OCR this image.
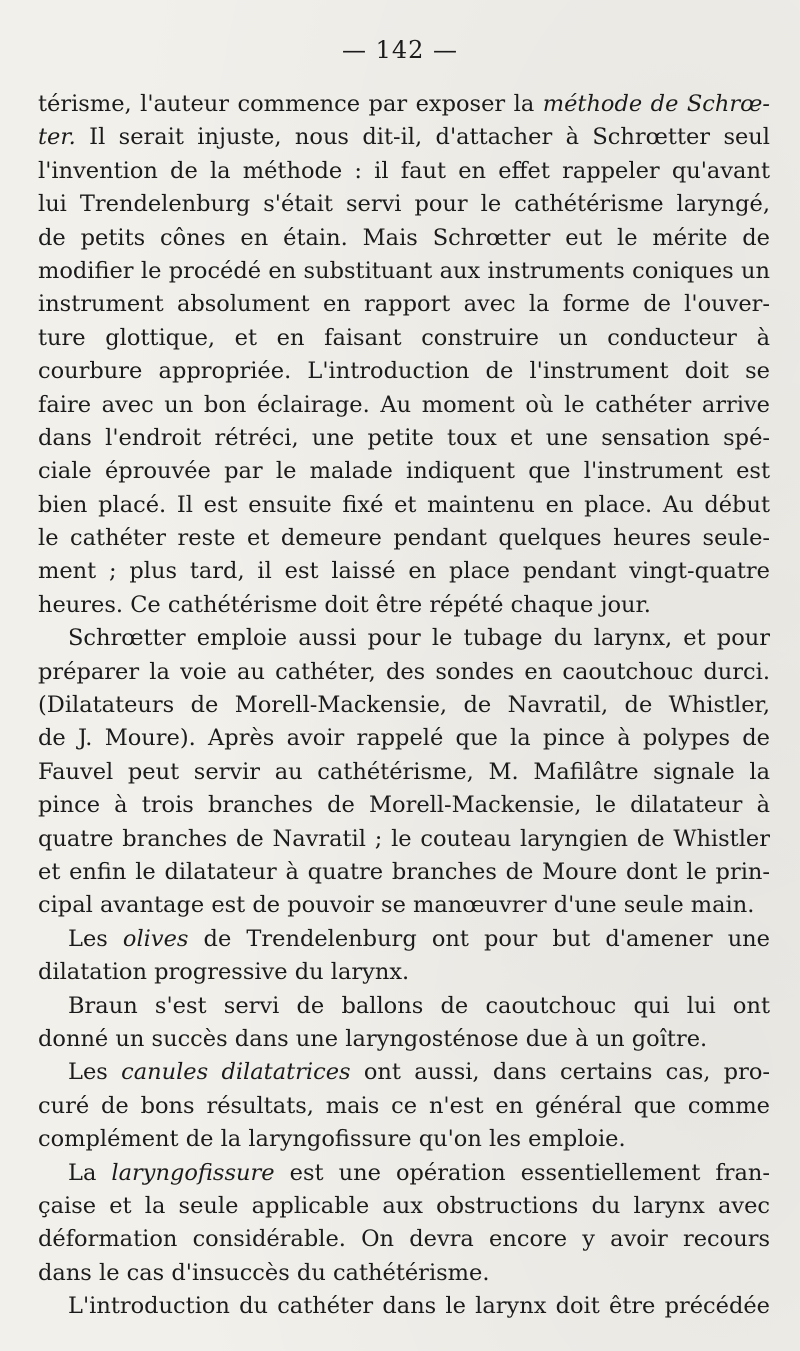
— 142 —
térisme, l'auteur commence par exposer la méthode de Schrœ-
ter. Il serait injuste, nous dit-il, d'attacher à Schrœtter seul
l'invention de la méthode : il faut en effet rappeler qu'avant
lui Trendelenburg s'était servi pour le cathétérisme laryngé,
de petits cônes en étain. Mais Schrœtter eut le mérite de
modifier le procédé en substituant aux instruments coniques un
instrument absolument en rapport avec la forme de l'ouver-
ture glottique, et en faisant construire un conducteur à
courbure appropriée. L'introduction de l'instrument doit se
faire avec un bon éclairage. Au moment où le cathéter arrive
dans l'endroit rétréci, une petite toux et une sensation spé-
ciale éprouvée par le malade indiquent que l'instrument est
bien placé. Il est ensuite fixé et maintenu en place. Au début
le cathéter reste et demeure pendant quelques heures seule-
ment ; plus tard, il est laissé en place pendant vingt-quatre
heures. Ce cathétérisme doit être répété chaque jour.
Schrœtter emploie aussi pour le tubage du larynx, et pour
préparer la voie au cathéter, des sondes en caoutchouc durci.
(Dilatateurs de Morell-Mackensie, de Navratil, de Whistler,
de J. Moure). Après avoir rappelé que la pince à polypes de
Fauvel peut servir au cathétérisme, M. Mafilâtre signale la
pince à trois branches de Morell-Mackensie, le dilatateur à
quatre branches de Navratil ; le couteau laryngien de Whistler
et enfin le dilatateur à quatre branches de Moure dont le prin-
cipal avantage est de pouvoir se manœuvrer d'une seule main.
Les olives de Trendelenburg ont pour but d'amener une
dilatation progressive du larynx.
Braun s'est servi de ballons de caoutchouc qui lui ont
donné un succès dans une laryngosténose due à un goître.
Les canules dilatatrices ont aussi, dans certains cas, pro-
curé de bons résultats, mais ce n'est en général que comme
complément de la laryngofissure qu'on les emploie.
La laryngofissure est une opération essentiellement fran-
çaise et la seule applicable aux obstructions du larynx avec
déformation considérable. On devra encore y avoir recours
dans le cas d'insuccès du cathétérisme.
L'introduction du cathéter dans le larynx doit être précédée
